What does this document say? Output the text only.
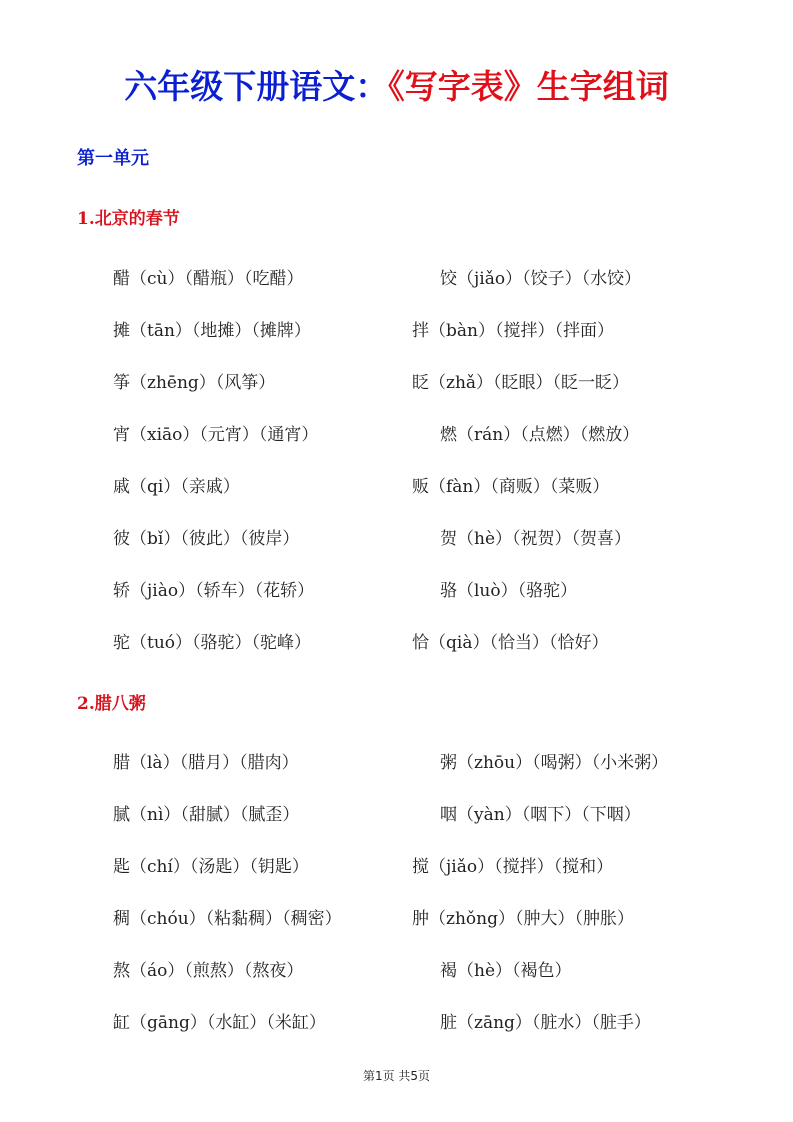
六年级下册语文：《写字表》生字组词
第一单元
1.北京的春节
醋（cù）（醋瓶）（吃醋）	饺（jiǎo）（饺子）（水饺）
摊（tān）（地摊）（摊牌）	拌（bàn）（搅拌）（拌面）
筝（zhēng）（风筝）	眨（zhǎ）（眨眼）（眨一眨）
宵（xiāo）（元宵）（通宵）	燃（rán）（点燃）（燃放）
戚（qi）（亲戚）	贩（fàn）（商贩）（菜贩）
彼（bǐ）（彼此）（彼岸）	贺（hè）（祝贺）（贺喜）
轿（jiào）（轿车）（花轿）	骆（luò）（骆驼）
驼（tuó）（骆驼）（驼峰）	恰（qià）（恰当）（恰好）
2.腊八粥
腊（là）（腊月）（腊肉）	粥（zhōu）（喝粥）（小米粥）
腻（nì）（甜腻）（腻歪）	咽（yàn）（咽下）（下咽）
匙（chí）（汤匙）（钥匙）	搅（jiǎo）（搅拌）（搅和）
稠（chóu）（粘黏稠）（稠密）	肿（zhǒng）（肿大）（肿胀）
熬（áo）（煎熬）（熬夜）	褐（hè）（褐色）
缸（gāng）（水缸）（米缸）	脏（zāng）（脏水）（脏手）
第1页 共5页
